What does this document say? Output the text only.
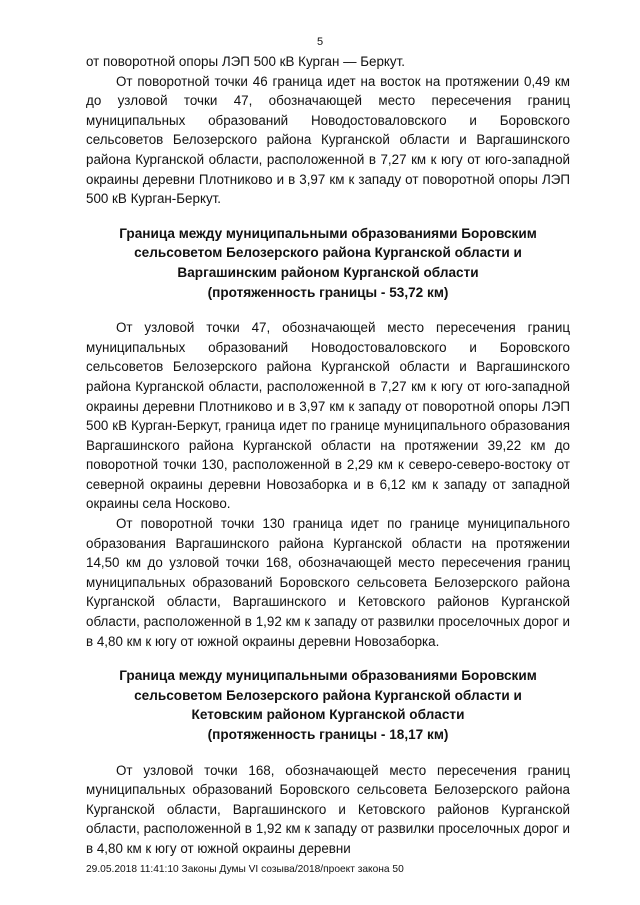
5

от поворотной опоры ЛЭП 500 кВ Курган — Беркут.

От поворотной точки 46 граница идет на восток на протяжении 0,49 км до узловой точки 47, обозначающей место пересечения границ муниципальных образований Новодостоваловского и Боровского сельсоветов Белозерского района Курганской области и Варгашинского района Курганской области, расположенной в 7,27 км к югу от юго-западной окраины деревни Плотниково и в 3,97 км к западу от поворотной опоры ЛЭП 500 кВ Курган-Беркут.

Граница между муниципальными образованиями Боровским
сельсоветом Белозерского района Курганской области и
Варгашинским районом Курганской области
(протяженность границы - 53,72 км)

От узловой точки 47, обозначающей место пересечения границ муниципальных образований Новодостоваловского и Боровского сельсоветов Белозерского района Курганской области и Варгашинского района Курганской области, расположенной в 7,27 км к югу от юго-западной окраины деревни Плотниково и в 3,97 км к западу от поворотной опоры ЛЭП 500 кВ Курган-Беркут, граница идет по границе муниципального образования Варгашинского района Курганской области на протяжении 39,22 км до поворотной точки 130, расположенной в 2,29 км к северо-северо-востоку от северной окраины деревни Новозаборка и в 6,12 км к западу от западной окраины села Носково.

От поворотной точки 130 граница идет по границе муниципального образования Варгашинского района Курганской области на протяжении 14,50 км до узловой точки 168, обозначающей место пересечения границ муниципальных образований Боровского сельсовета Белозерского района Курганской области, Варгашинского и Кетовского районов Курганской области, расположенной в 1,92 км к западу от развилки проселочных дорог и в 4,80 км к югу от южной окраины деревни Новозаборка.

Граница между муниципальными образованиями Боровским
сельсоветом Белозерского района Курганской области и
Кетовским районом Курганской области
(протяженность границы - 18,17 км)

От узловой точки 168, обозначающей место пересечения границ муниципальных образований Боровского сельсовета Белозерского района Курганской области, Варгашинского и Кетовского районов Курганской области, расположенной в 1,92 км к западу от развилки проселочных дорог и в 4,80 км к югу от южной окраины деревни

29.05.2018 11:41:10 Законы Думы VI созыва/2018/проект закона 50
